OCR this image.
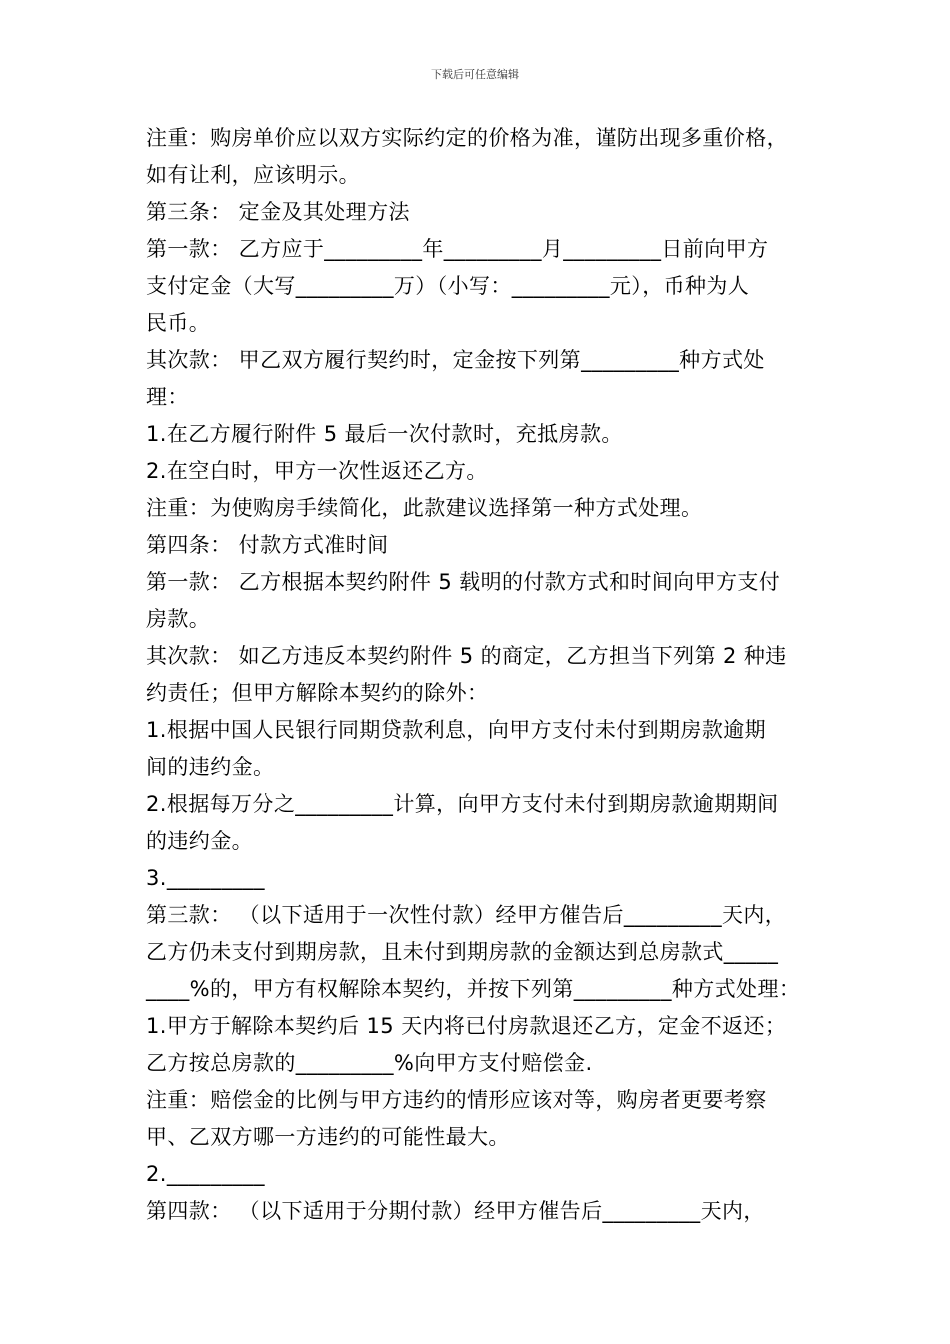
下载后可任意编辑
注重：购房单价应以双方实际约定的价格为准，谨防出现多重价格，
如有让利，应该明示。
第三条： 定金及其处理方法
第一款： 乙方应于_________年_________月_________日前向甲方
支付定金（大写_________万）（小写：_________元），币种为人
民币。
其次款： 甲乙双方履行契约时，定金按下列第_________种方式处
理：
1.在乙方履行附件 5 最后一次付款时，充抵房款。
2.在空白时，甲方一次性返还乙方。
注重：为使购房手续简化，此款建议选择第一种方式处理。
第四条： 付款方式准时间
第一款： 乙方根据本契约附件 5 载明的付款方式和时间向甲方支付
房款。
其次款： 如乙方违反本契约附件 5 的商定，乙方担当下列第 2 种违
约责任；但甲方解除本契约的除外：
1.根据中国人民银行同期贷款利息，向甲方支付未付到期房款逾期
间的违约金。
2.根据每万分之_________计算，向甲方支付未付到期房款逾期期间
的违约金。
3._________
第三款： （以下适用于一次性付款）经甲方催告后_________天内，
乙方仍未支付到期房款，且未付到期房款的金额达到总房款式_____
____%的，甲方有权解除本契约，并按下列第_________种方式处理：
1.甲方于解除本契约后 15 天内将已付房款退还乙方，定金不返还；
乙方按总房款的_________%向甲方支付赔偿金.
注重：赔偿金的比例与甲方违约的情形应该对等，购房者更要考察
甲、乙双方哪一方违约的可能性最大。
2._________
第四款： （以下适用于分期付款）经甲方催告后_________天内，
